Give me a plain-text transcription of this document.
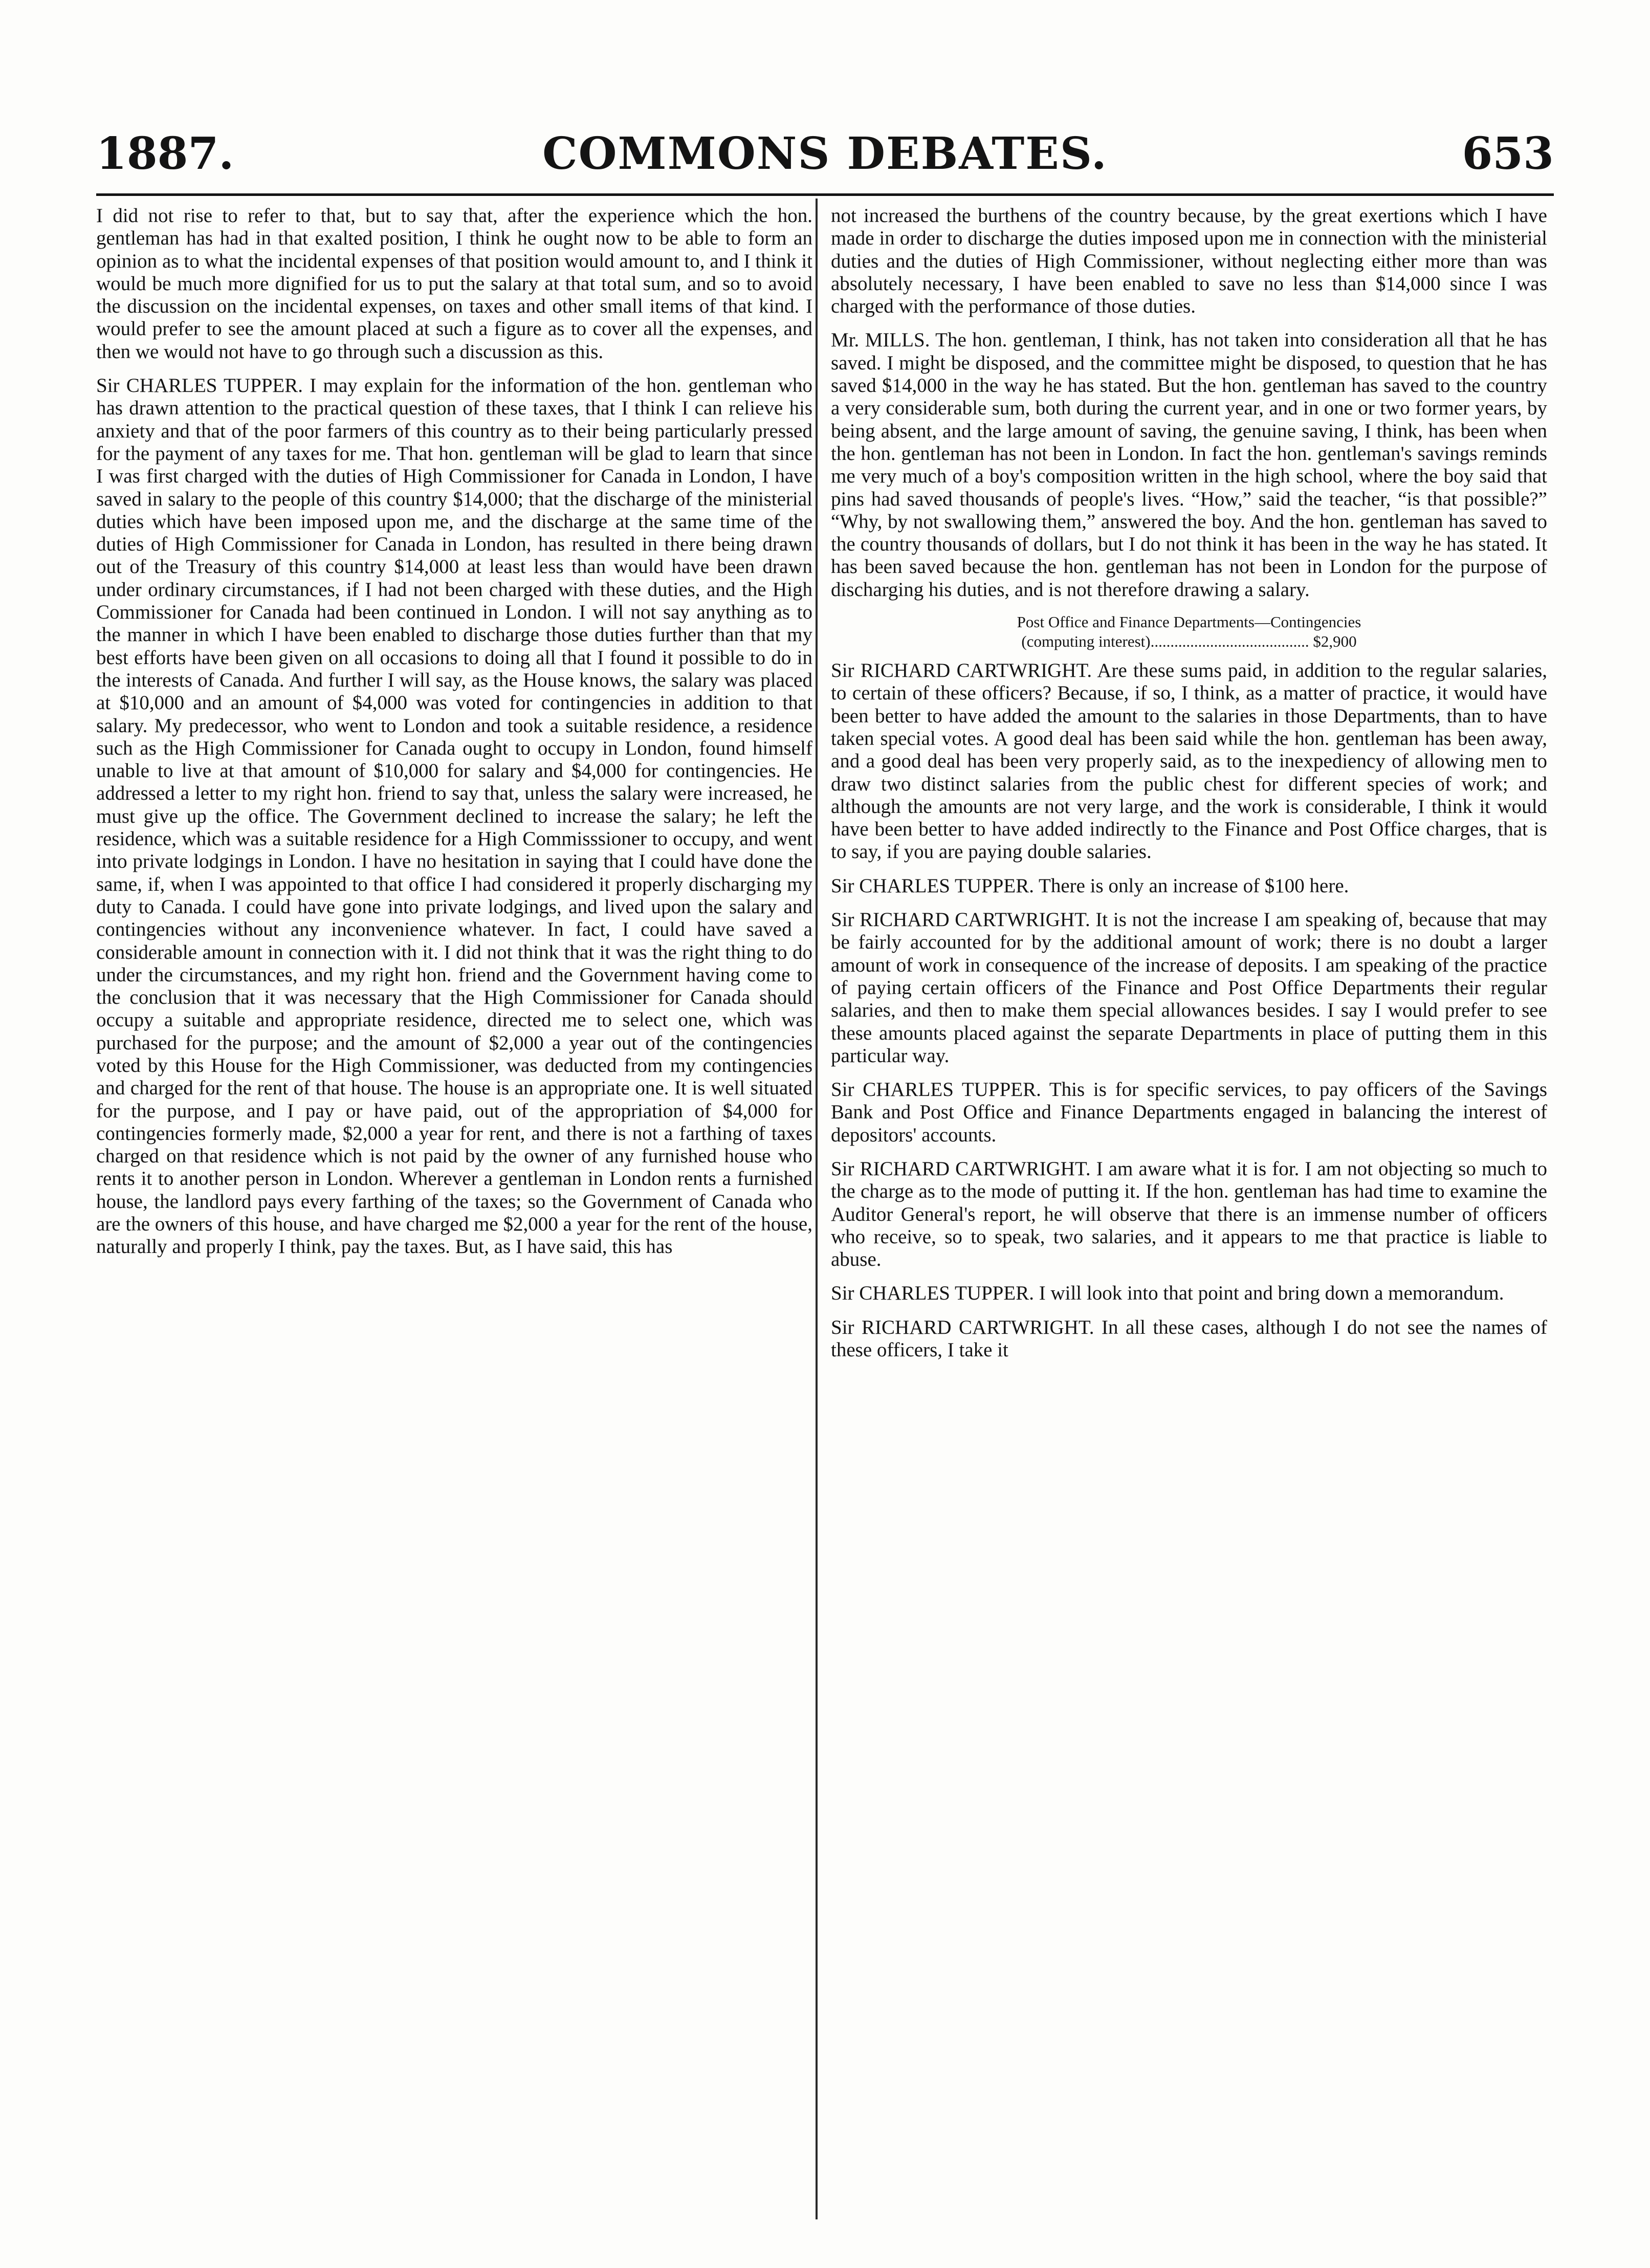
1887.	COMMONS DEBATES.	653

I did not rise to refer to that, but to say that, after the experience which the hon. gentleman has had in that exalted position, I think he ought now to be able to form an opinion as to what the incidental expenses of that position would amount to, and I think it would be much more dignified for us to put the salary at that total sum, and so to avoid the discussion on the incidental expenses, on taxes and other small items of that kind. I would prefer to see the amount placed at such a figure as to cover all the expenses, and then we would not have to go through such a discussion as this.

Sir CHARLES TUPPER. I may explain for the information of the hon. gentleman who has drawn attention to the practical question of these taxes, that I think I can relieve his anxiety and that of the poor farmers of this country as to their being particularly pressed for the payment of any taxes for me. That hon. gentleman will be glad to learn that since I was first charged with the duties of High Commissioner for Canada in London, I have saved in salary to the people of this country $14,000; that the discharge of the ministerial duties which have been imposed upon me, and the discharge at the same time of the duties of High Commissioner for Canada in London, has resulted in there being drawn out of the Treasury of this country $14,000 at least less than would have been drawn under ordinary circumstances, if I had not been charged with these duties, and the High Commissioner for Canada had been continued in London. I will not say anything as to the manner in which I have been enabled to discharge those duties further than that my best efforts have been given on all occasions to doing all that I found it possible to do in the interests of Canada. And further I will say, as the House knows, the salary was placed at $10,000 and an amount of $4,000 was voted for contingencies in addition to that salary. My predecessor, who went to London and took a suitable residence, a residence such as the High Commissioner for Canada ought to occupy in London, found himself unable to live at that amount of $10,000 for salary and $4,000 for contingencies. He addressed a letter to my right hon. friend to say that, unless the salary were increased, he must give up the office. The Government declined to increase the salary; he left the residence, which was a suitable residence for a High Commisssioner to occupy, and went into private lodgings in London. I have no hesitation in saying that I could have done the same, if, when I was appointed to that office I had considered it properly discharging my duty to Canada. I could have gone into private lodgings, and lived upon the salary and contingencies without any inconvenience whatever. In fact, I could have saved a considerable amount in connection with it. I did not think that it was the right thing to do under the circumstances, and my right hon. friend and the Government having come to the conclusion that it was necessary that the High Commissioner for Canada should occupy a suitable and appropriate residence, directed me to select one, which was purchased for the purpose; and the amount of $2,000 a year out of the contingencies voted by this House for the High Commissioner, was deducted from my contingencies and charged for the rent of that house. The house is an appropriate one. It is well situated for the purpose, and I pay or have paid, out of the appropriation of $4,000 for contingencies formerly made, $2,000 a year for rent, and there is not a farthing of taxes charged on that residence which is not paid by the owner of any furnished house who rents it to another person in London. Wherever a gentleman in London rents a furnished house, the landlord pays every farthing of the taxes; so the Government of Canada who are the owners of this house, and have charged me $2,000 a year for the rent of the house, naturally and properly I think, pay the taxes. But, as I have said, this has

not increased the burthens of the country because, by the great exertions which I have made in order to discharge the duties imposed upon me in connection with the ministerial duties and the duties of High Commissioner, without neglecting either more than was absolutely necessary, I have been enabled to save no less than $14,000 since I was charged with the performance of those duties.

Mr. MILLS. The hon. gentleman, I think, has not taken into consideration all that he has saved. I might be disposed, and the committee might be disposed, to question that he has saved $14,000 in the way he has stated. But the hon. gentleman has saved to the country a very considerable sum, both during the current year, and in one or two former years, by being absent, and the large amount of saving, the genuine saving, I think, has been when the hon. gentleman has not been in London. In fact the hon. gentleman's savings reminds me very much of a boy's composition written in the high school, where the boy said that pins had saved thousands of people's lives. “How,” said the teacher, “is that possible?” “Why, by not swallowing them,” answered the boy. And the hon. gentleman has saved to the country thousands of dollars, but I do not think it has been in the way he has stated. It has been saved because the hon. gentleman has not been in London for the purpose of discharging his duties, and is not therefore drawing a salary.

Post Office and Finance Departments—Contingencies
(computing interest)........................................ $2,900

Sir RICHARD CARTWRIGHT. Are these sums paid, in addition to the regular salaries, to certain of these officers? Because, if so, I think, as a matter of practice, it would have been better to have added the amount to the salaries in those Departments, than to have taken special votes. A good deal has been said while the hon. gentleman has been away, and a good deal has been very properly said, as to the inexpediency of allowing men to draw two distinct salaries from the public chest for different species of work; and although the amounts are not very large, and the work is considerable, I think it would have been better to have added indirectly to the Finance and Post Office charges, that is to say, if you are paying double salaries.

Sir CHARLES TUPPER. There is only an increase of $100 here.

Sir RICHARD CARTWRIGHT. It is not the increase I am speaking of, because that may be fairly accounted for by the additional amount of work; there is no doubt a larger amount of work in consequence of the increase of deposits. I am speaking of the practice of paying certain officers of the Finance and Post Office Departments their regular salaries, and then to make them special allowances besides. I say I would prefer to see these amounts placed against the separate Departments in place of putting them in this particular way.

Sir CHARLES TUPPER. This is for specific services, to pay officers of the Savings Bank and Post Office and Finance Departments engaged in balancing the interest of depositors' accounts.

Sir RICHARD CARTWRIGHT. I am aware what it is for. I am not objecting so much to the charge as to the mode of putting it. If the hon. gentleman has had time to examine the Auditor General's report, he will observe that there is an immense number of officers who receive, so to speak, two salaries, and it appears to me that practice is liable to abuse.

Sir CHARLES TUPPER. I will look into that point and bring down a memorandum.

Sir RICHARD CARTWRIGHT. In all these cases, although I do not see the names of these officers, I take it
